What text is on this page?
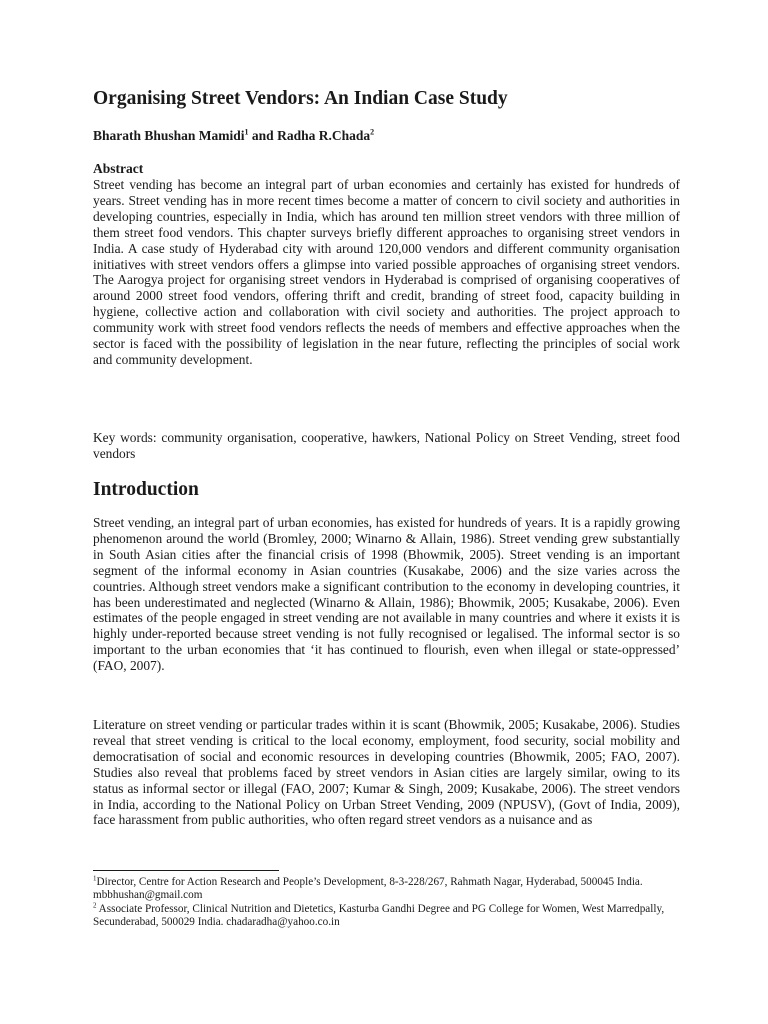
Organising Street Vendors: An Indian Case Study

Bharath Bhushan Mamidi$^1$ and Radha R.Chada$^2$

Abstract

Street vending has become an integral part of urban economies and certainly has existed for hundreds of years. Street vending has in more recent times become a matter of concern to civil society and authorities in developing countries, especially in India, which has around ten million street vendors with three million of them street food vendors. This chapter surveys briefly different approaches to organising street vendors in India. A case study of Hyderabad city with around 120,000 vendors and different community organisation initiatives with street vendors offers a glimpse into varied possible approaches of organising street vendors. The Aarogya project for organising street vendors in Hyderabad is comprised of organising cooperatives of around 2000 street food vendors, offering thrift and credit, branding of street food, capacity building in hygiene, collective action and collaboration with civil society and authorities. The project approach to community work with street food vendors reflects the needs of members and effective approaches when the sector is faced with the possibility of legislation in the near future, reflecting the principles of social work and community development.

Key words: community organisation, cooperative, hawkers, National Policy on Street Vending, street food vendors

Introduction

Street vending, an integral part of urban economies, has existed for hundreds of years. It is a rapidly growing phenomenon around the world (Bromley, 2000; Winarno & Allain, 1986). Street vending grew substantially in South Asian cities after the financial crisis of 1998 (Bhowmik, 2005). Street vending is an important segment of the informal economy in Asian countries (Kusakabe, 2006) and the size varies across the countries. Although street vendors make a significant contribution to the economy in developing countries, it has been underestimated and neglected (Winarno & Allain, 1986); Bhowmik, 2005; Kusakabe, 2006). Even estimates of the people engaged in street vending are not available in many countries and where it exists it is highly under-reported because street vending is not fully recognised or legalised. The informal sector is so important to the urban economies that ‘it has continued to flourish, even when illegal or state-oppressed’ (FAO, 2007).

Literature on street vending or particular trades within it is scant (Bhowmik, 2005; Kusakabe, 2006). Studies reveal that street vending is critical to the local economy, employment, food security, social mobility and democratisation of social and economic resources in developing countries (Bhowmik, 2005; FAO, 2007). Studies also reveal that problems faced by street vendors in Asian cities are largely similar, owing to its status as informal sector or illegal (FAO, 2007; Kumar & Singh, 2009; Kusakabe, 2006). The street vendors in India, according to the National Policy on Urban Street Vending, 2009 (NPUSV), (Govt of India, 2009), face harassment from public authorities, who often regard street vendors as a nuisance and as

$^1$Director, Centre for Action Research and People’s Development, 8-3-228/267, Rahmath Nagar, Hyderabad, 500045 India. mbbhushan@gmail.com

$^2$ Associate Professor, Clinical Nutrition and Dietetics, Kasturba Gandhi Degree and PG College for Women, West Marredpally, Secunderabad, 500029 India. chadaradha@yahoo.co.in
